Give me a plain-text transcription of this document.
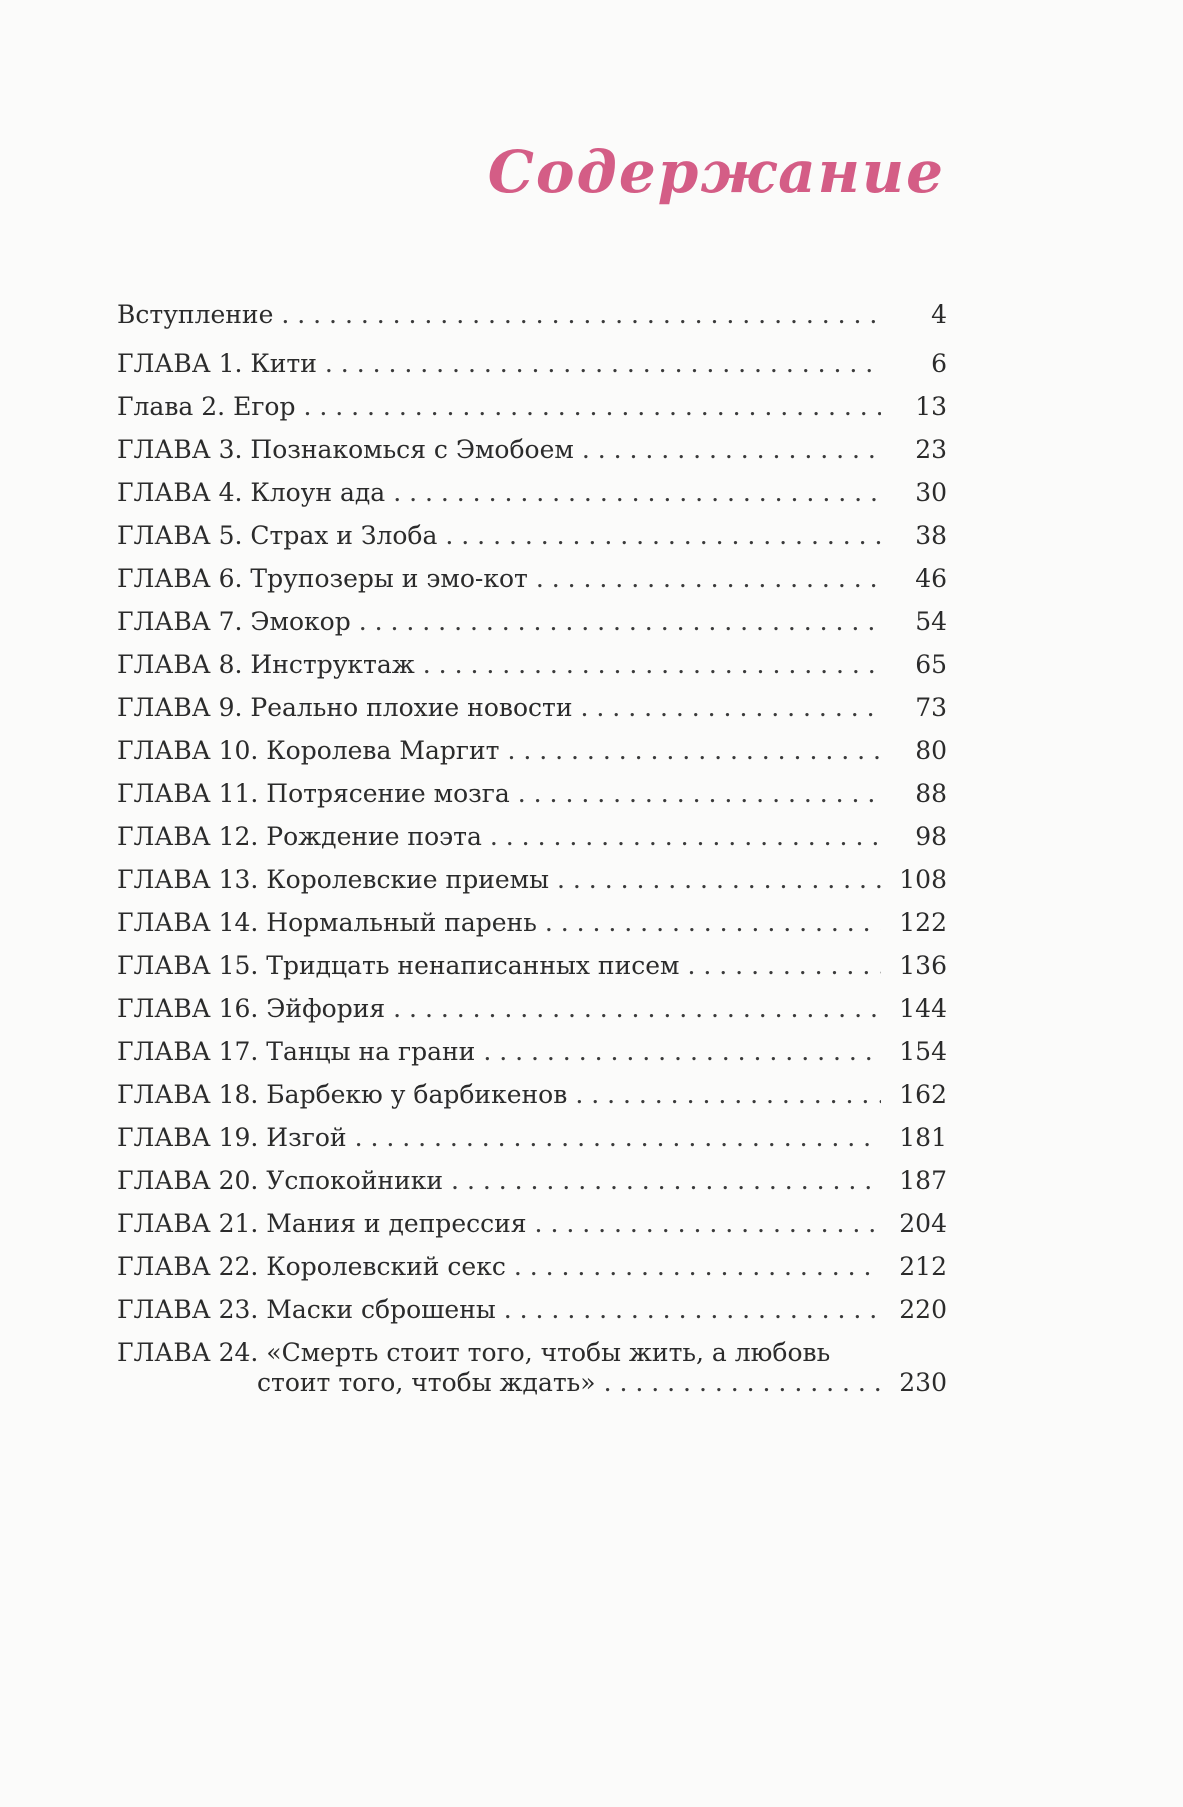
Содержание
Вступление . . .	4
ГЛАВА 1. Кити . . .	6
Глава 2. Егор . . .	13
ГЛАВА 3. Познакомься с Эмобоем . . .	23
ГЛАВА 4. Клоун ада . . .	30
ГЛАВА 5. Страх и Злоба . . .	38
ГЛАВА 6. Трупозеры и эмо-кот . . .	46
ГЛАВА 7. Эмокор . . .	54
ГЛАВА 8. Инструктаж . . .	65
ГЛАВА 9. Реально плохие новости . . .	73
ГЛАВА 10. Королева Маргит . . .	80
ГЛАВА 11. Потрясение мозга . . .	88
ГЛАВА 12. Рождение поэта . . .	98
ГЛАВА 13. Королевские приемы . . .	108
ГЛАВА 14. Нормальный парень . . .	122
ГЛАВА 15. Тридцать ненаписанных писем . . .	136
ГЛАВА 16. Эйфория . . .	144
ГЛАВА 17. Танцы на грани . . .	154
ГЛАВА 18. Барбекю у барбикенов . . .	162
ГЛАВА 19. Изгой . . .	181
ГЛАВА 20. Успокойники . . .	187
ГЛАВА 21. Мания и депрессия . . .	204
ГЛАВА 22. Королевский секс . . .	212
ГЛАВА 23. Маски сброшены . . .	220
ГЛАВА 24. «Смерть стоит того, чтобы жить, а любовь
стоит того, чтобы ждать» . . .	230
